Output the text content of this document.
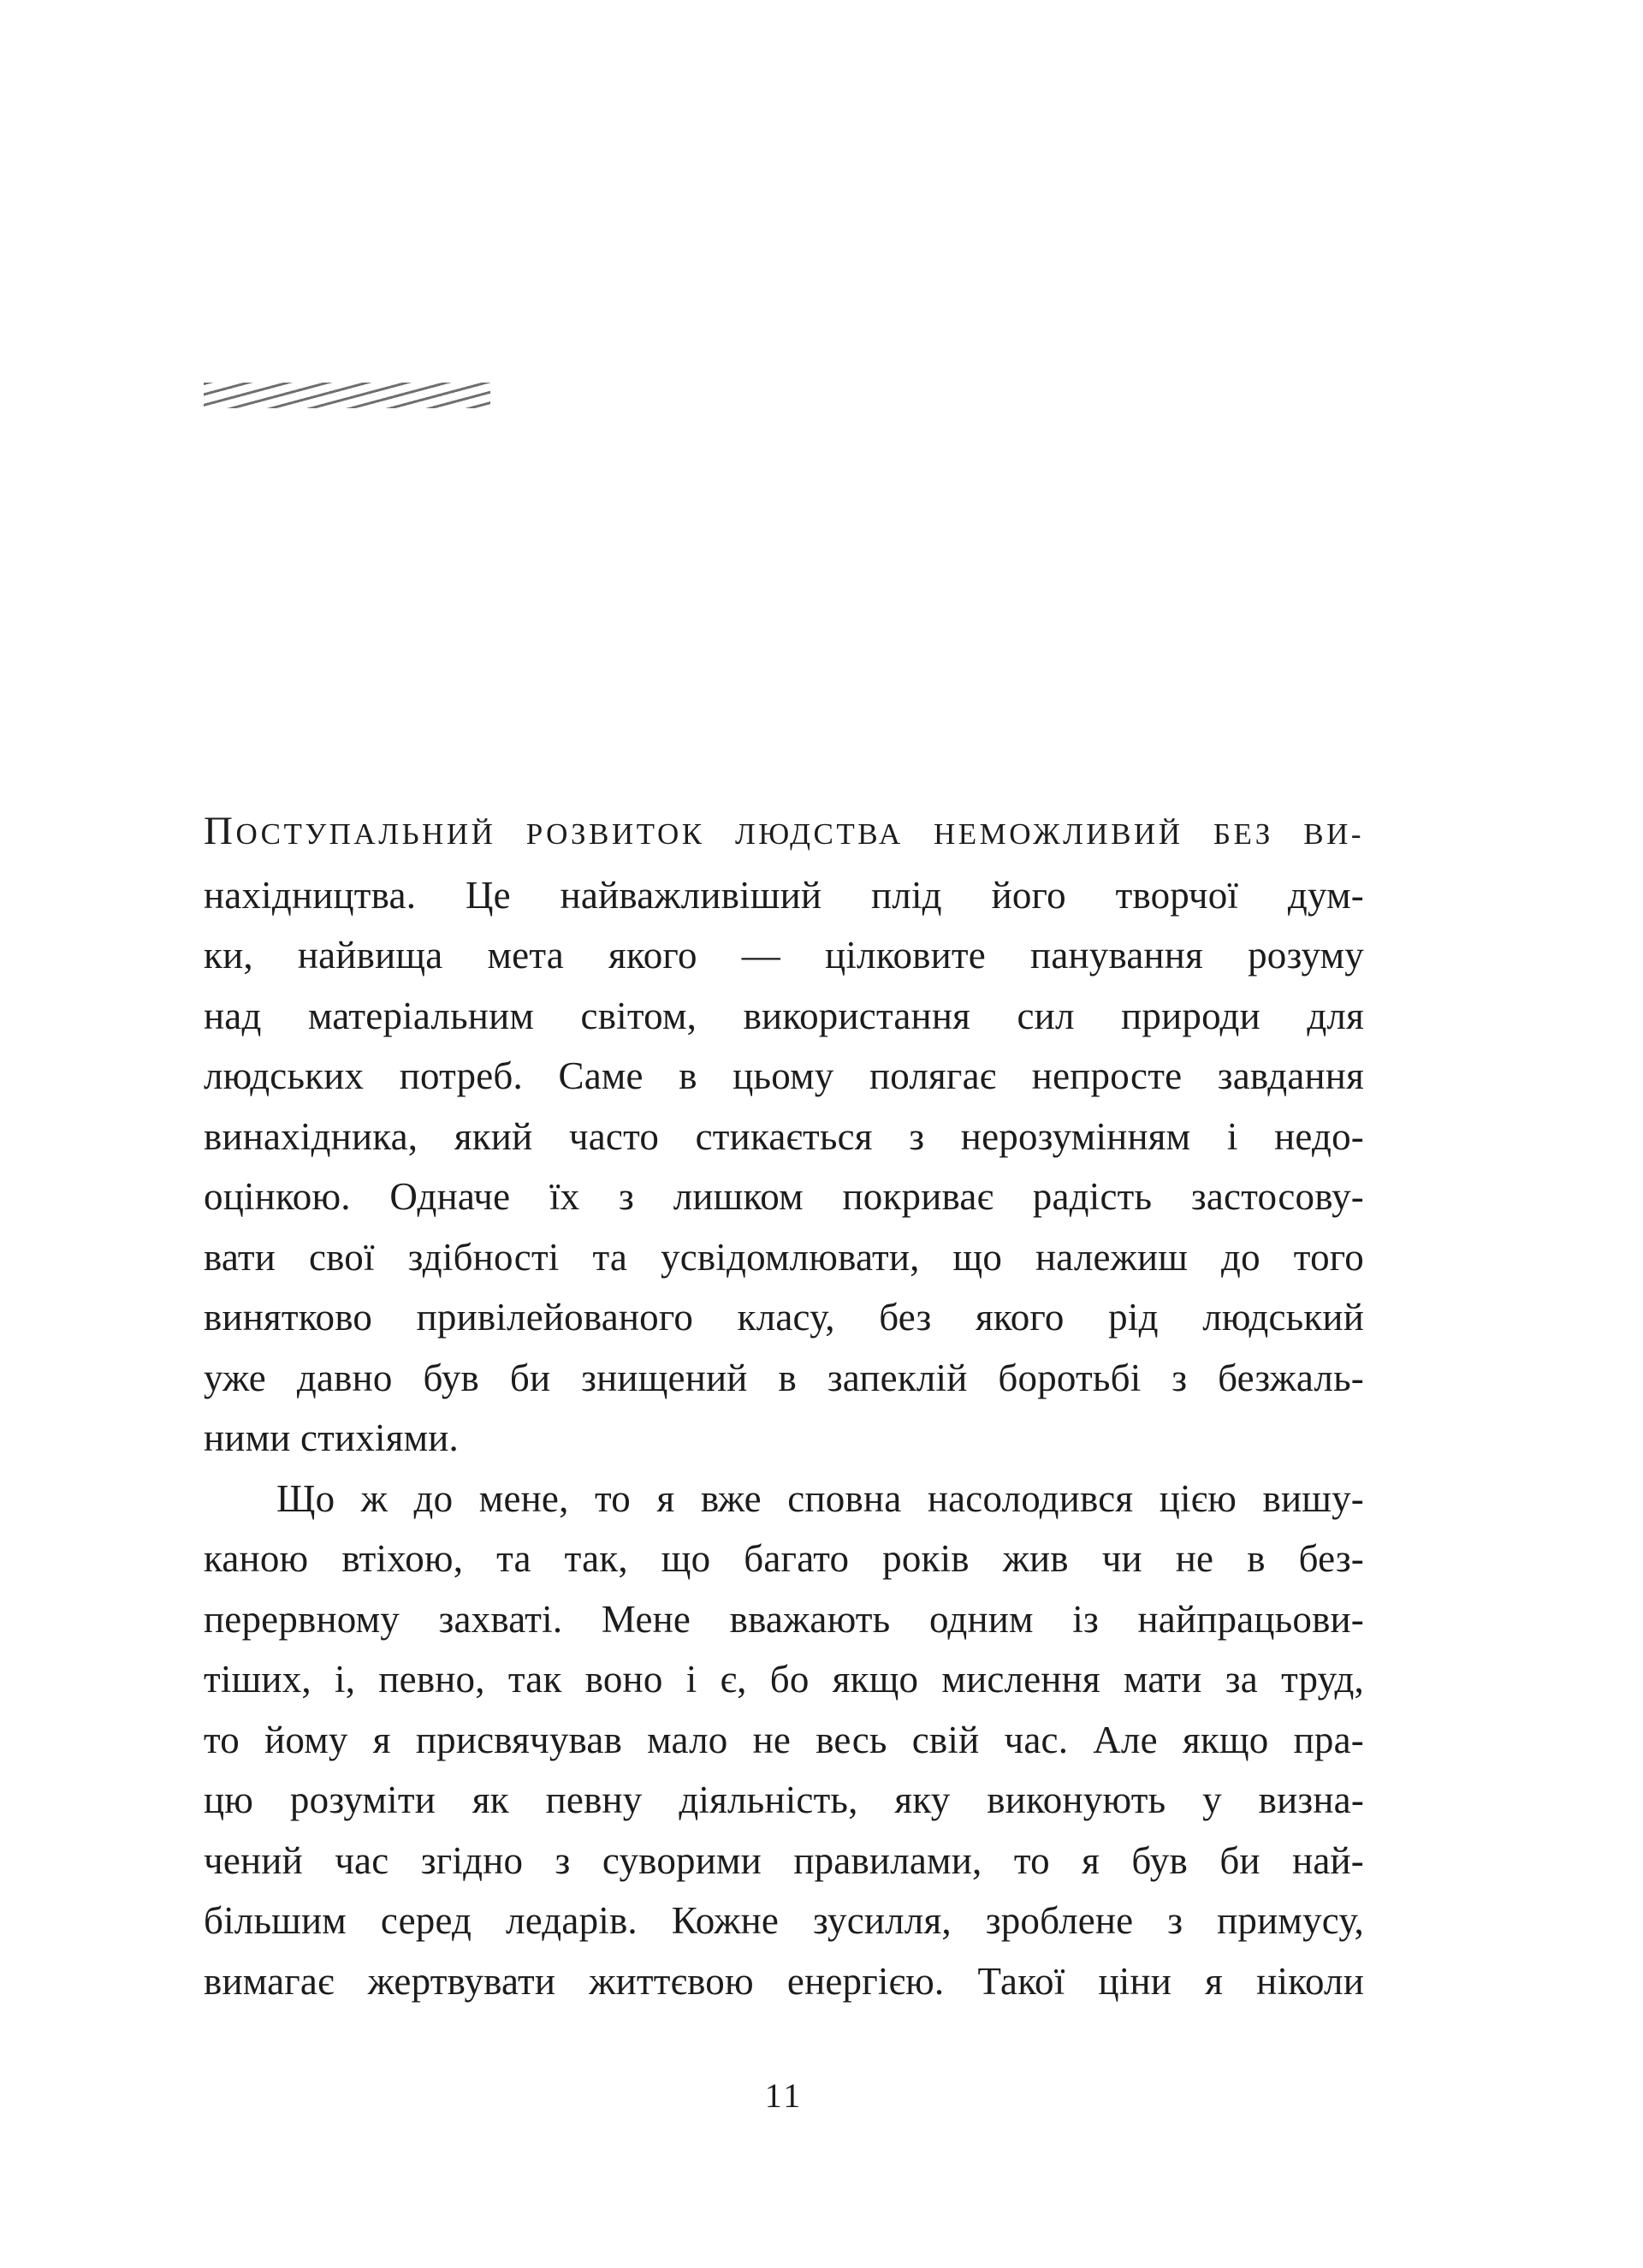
ПОСТУПАЛЬНИЙ РОЗВИТОК ЛЮДСТВА НЕМОЖЛИВИЙ БЕЗ ВИ-
нахідництва. Це найважливіший плід його творчої дум-
ки, найвища мета якого — цілковите панування розуму
над матеріальним світом, використання сил природи для
людських потреб. Саме в цьому полягає непросте завдання
винахідника, який часто стикається з нерозумінням і недо-
оцінкою. Одначе їх з лишком покриває радість застосову-
вати свої здібності та усвідомлювати, що належиш до того
винятково привілейованого класу, без якого рід людський
уже давно був би знищений в запеклій боротьбі з безжаль-
ними стихіями.
Що ж до мене, то я вже сповна насолодився цією вишу-
каною втіхою, та так, що багато років жив чи не в без-
перервному захваті. Мене вважають одним із найпрацьови-
тіших, і, певно, так воно і є, бо якщо мислення мати за труд,
то йому я присвячував мало не весь свій час. Але якщо пра-
цю розуміти як певну діяльність, яку виконують у визна-
чений час згідно з суворими правилами, то я був би най-
більшим серед ледарів. Кожне зусилля, зроблене з примусу,
вимагає жертвувати життєвою енергією. Такої ціни я ніколи
11
